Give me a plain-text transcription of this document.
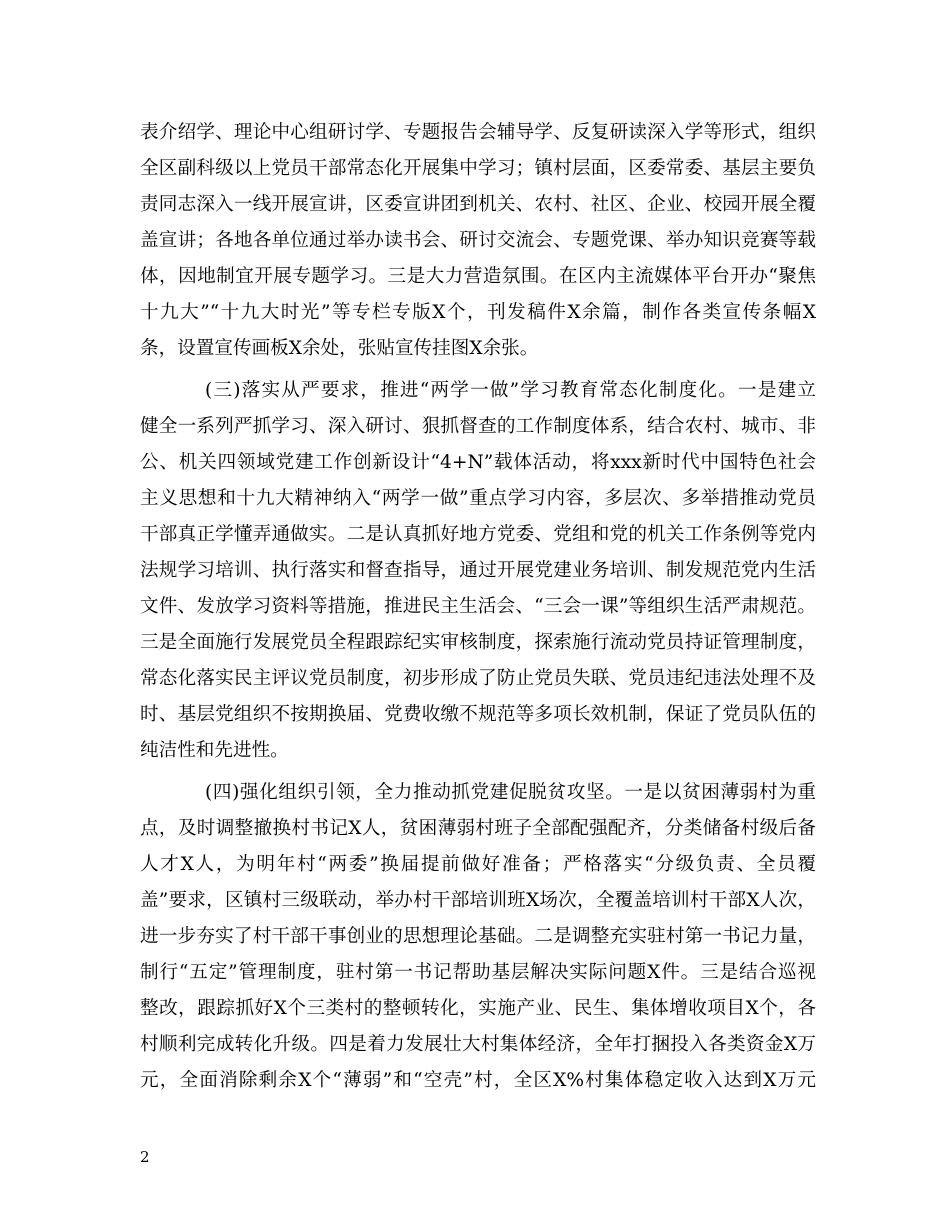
表介绍学、理论中心组研讨学、专题报告会辅导学、反复研读深入学等形式，组织
全区副科级以上党员干部常态化开展集中学习；镇村层面，区委常委、基层主要负
责同志深入一线开展宣讲，区委宣讲团到机关、农村、社区、企业、校园开展全覆
盖宣讲；各地各单位通过举办读书会、研讨交流会、专题党课、举办知识竞赛等载
体，因地制宜开展专题学习。三是大力营造氛围。在区内主流媒体平台开办“聚焦
十九大”“十九大时光”等专栏专版X个，刊发稿件X余篇，制作各类宣传条幅X
条，设置宣传画板X余处，张贴宣传挂图X余张。
(三)落实从严要求，推进“两学一做”学习教育常态化制度化。一是建立
健全一系列严抓学习、深入研讨、狠抓督查的工作制度体系，结合农村、城市、非
公、机关四领域党建工作创新设计“4+N”载体活动，将xxx新时代中国特色社会
主义思想和十九大精神纳入“两学一做”重点学习内容，多层次、多举措推动党员
干部真正学懂弄通做实。二是认真抓好地方党委、党组和党的机关工作条例等党内
法规学习培训、执行落实和督查指导，通过开展党建业务培训、制发规范党内生活
文件、发放学习资料等措施，推进民主生活会、“三会一课”等组织生活严肃规范。
三是全面施行发展党员全程跟踪纪实审核制度，探索施行流动党员持证管理制度，
常态化落实民主评议党员制度，初步形成了防止党员失联、党员违纪违法处理不及
时、基层党组织不按期换届、党费收缴不规范等多项长效机制，保证了党员队伍的
纯洁性和先进性。
(四)强化组织引领，全力推动抓党建促脱贫攻坚。一是以贫困薄弱村为重
点，及时调整撤换村书记X人，贫困薄弱村班子全部配强配齐，分类储备村级后备
人才X人，为明年村“两委”换届提前做好准备；严格落实“分级负责、全员覆
盖”要求，区镇村三级联动，举办村干部培训班X场次，全覆盖培训村干部X人次，
进一步夯实了村干部干事创业的思想理论基础。二是调整充实驻村第一书记力量，
制行“五定”管理制度，驻村第一书记帮助基层解决实际问题X件。三是结合巡视
整改，跟踪抓好X个三类村的整顿转化，实施产业、民生、集体增收项目X个，各
村顺利完成转化升级。四是着力发展壮大村集体经济，全年打捆投入各类资金X万
元，全面消除剩余X个“薄弱”和“空壳”村，全区X%村集体稳定收入达到X万元
2
